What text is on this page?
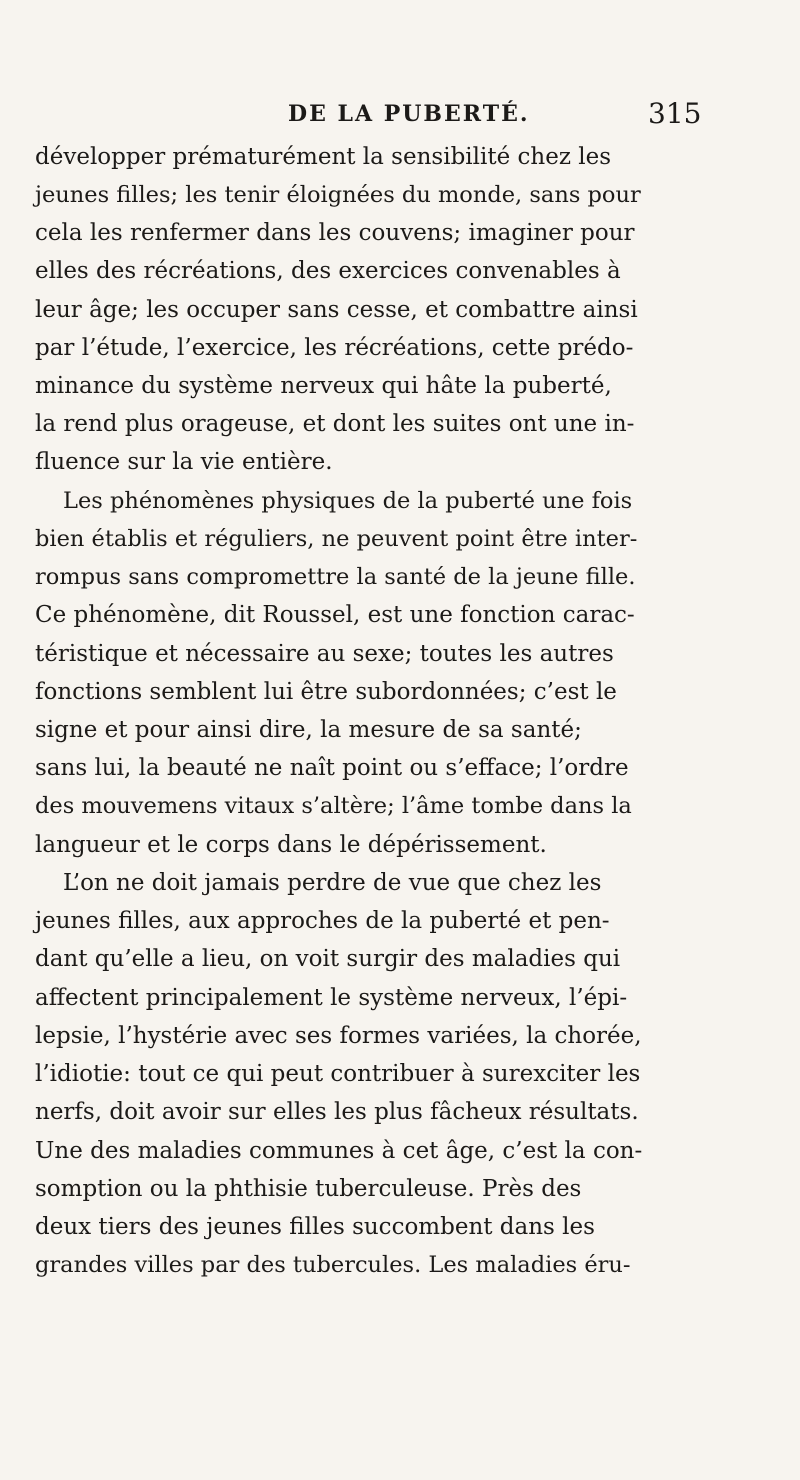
DE LA PUBERTÉ.	315
développer prématurément la sensibilité chez les
jeunes filles; les tenir éloignées du monde, sans pour
cela les renfermer dans les couvens; imaginer pour
elles des récréations, des exercices convenables à
leur âge; les occuper sans cesse, et combattre ainsi
par l’étude, l’exercice, les récréations, cette prédo-
minance du système nerveux qui hâte la puberté,
la rend plus orageuse, et dont les suites ont une in-
fluence sur la vie entière.
Les phénomènes physiques de la puberté une fois
bien établis et réguliers, ne peuvent point être inter-
rompus sans compromettre la santé de la jeune fille.
Ce phénomène, dit Roussel, est une fonction carac-
téristique et nécessaire au sexe; toutes les autres
fonctions semblent lui être subordonnées; c’est le
signe et pour ainsi dire, la mesure de sa santé;
sans lui, la beauté ne naît point ou s’efface; l’ordre
des mouvemens vitaux s’altère; l’âme tombe dans la
langueur et le corps dans le dépérissement.
L’on ne doit jamais perdre de vue que chez les
jeunes filles, aux approches de la puberté et pen-
dant qu’elle a lieu, on voit surgir des maladies qui
affectent principalement le système nerveux, l’épi-
lepsie, l’hystérie avec ses formes variées, la chorée,
l’idiotie: tout ce qui peut contribuer à surexciter les
nerfs, doit avoir sur elles les plus fâcheux résultats.
Une des maladies communes à cet âge, c’est la con-
somption ou la phthisie tuberculeuse. Près des
deux tiers des jeunes filles succombent dans les
grandes villes par des tubercules. Les maladies éru-
